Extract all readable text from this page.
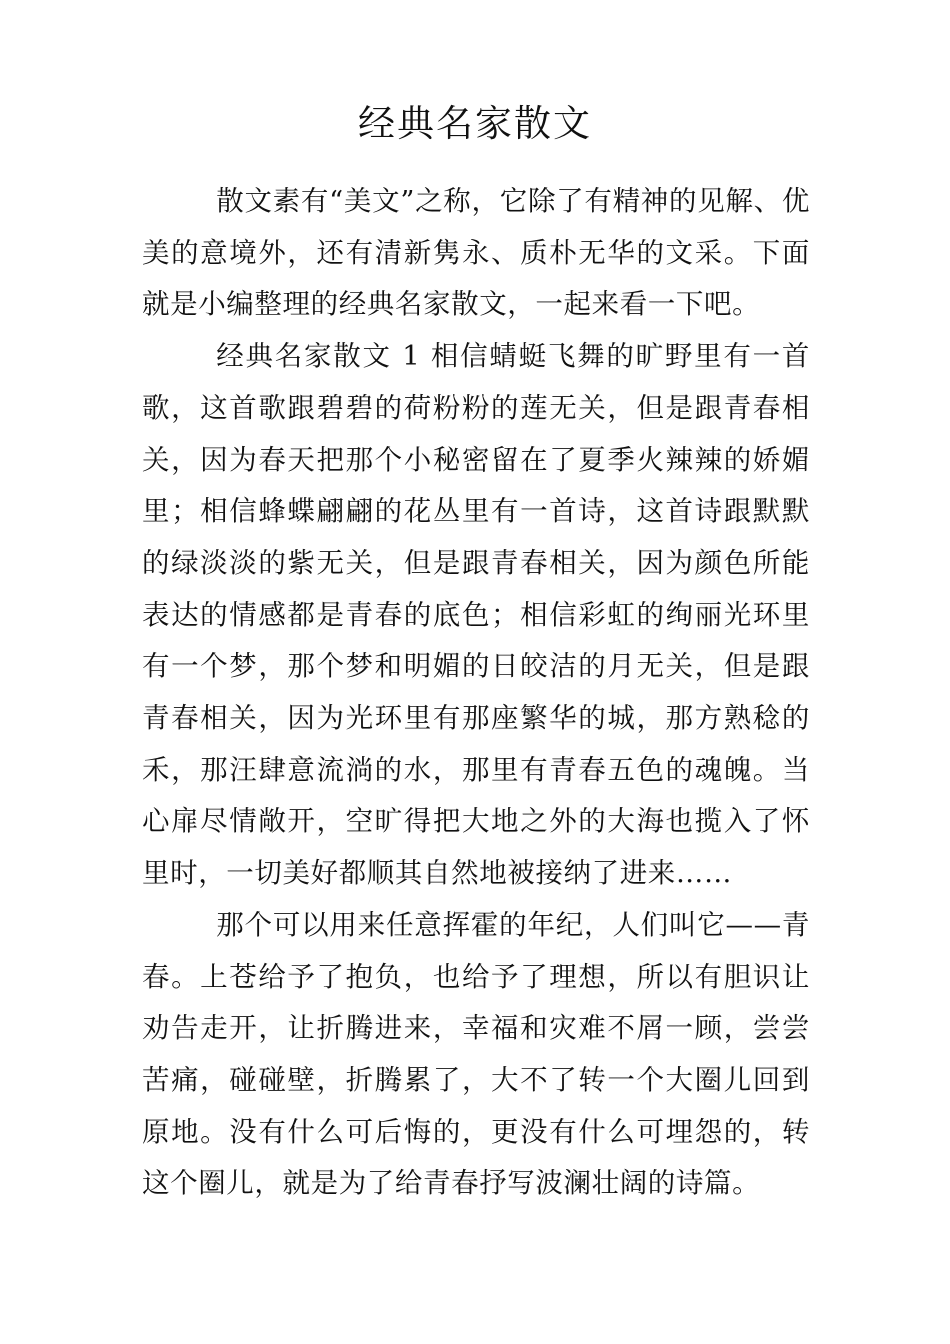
经典名家散文

散文素有“美文”之称，它除了有精神的见解、优美的意境外，还有清新隽永、质朴无华的文采。下面就是小编整理的经典名家散文，一起来看一下吧。

经典名家散文 1 相信蜻蜓飞舞的旷野里有一首歌，这首歌跟碧碧的荷粉粉的莲无关，但是跟青春相关，因为春天把那个小秘密留在了夏季火辣辣的娇媚里；相信蜂蝶翩翩的花丛里有一首诗，这首诗跟默默的绿淡淡的紫无关，但是跟青春相关，因为颜色所能表达的情感都是青春的底色；相信彩虹的绚丽光环里有一个梦，那个梦和明媚的日皎洁的月无关，但是跟青春相关，因为光环里有那座繁华的城，那方熟稔的禾，那汪肆意流淌的水，那里有青春五色的魂魄。当心扉尽情敞开，空旷得把大地之外的大海也揽入了怀里时，一切美好都顺其自然地被接纳了进来……

那个可以用来任意挥霍的年纪，人们叫它——青春。上苍给予了抱负，也给予了理想，所以有胆识让劝告走开，让折腾进来，幸福和灾难不屑一顾，尝尝苦痛，碰碰壁，折腾累了，大不了转一个大圈儿回到原地。没有什么可后悔的，更没有什么可埋怨的，转这个圈儿，就是为了给青春抒写波澜壮阔的诗篇。
